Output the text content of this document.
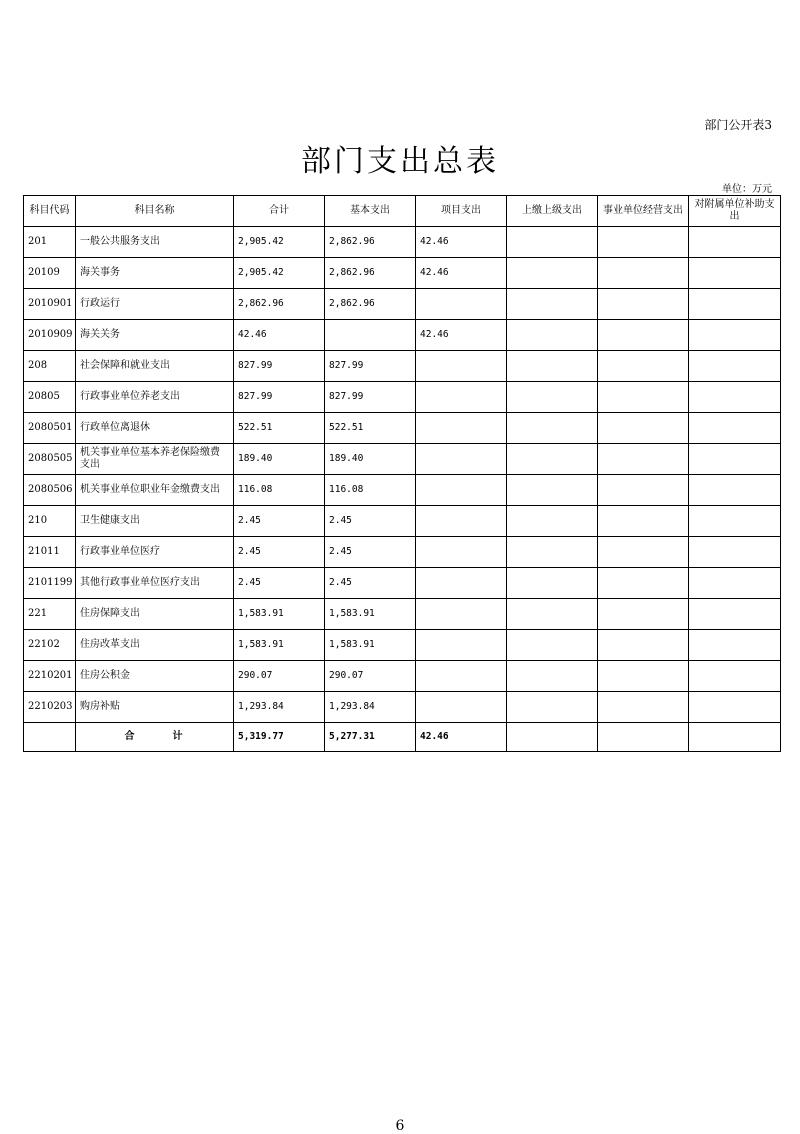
部门公开表3
部门支出总表
单位：万元
科目代码	科目名称	合计	基本支出	项目支出	上缴上级支出	事业单位经营支出	对附属单位补助支出
201	一般公共服务支出	2,905.42	2,862.96	42.46			
20109	海关事务	2,905.42	2,862.96	42.46			
2010901	行政运行	2,862.96	2,862.96				
2010909	海关关务	42.46		42.46			
208	社会保障和就业支出	827.99	827.99				
20805	行政事业单位养老支出	827.99	827.99				
2080501	行政单位离退休	522.51	522.51				
2080505	机关事业单位基本养老保险缴费支出	189.40	189.40				
2080506	机关事业单位职业年金缴费支出	116.08	116.08				
210	卫生健康支出	2.45	2.45				
21011	行政事业单位医疗	2.45	2.45				
2101199	其他行政事业单位医疗支出	2.45	2.45				
221	住房保障支出	1,583.91	1,583.91				
22102	住房改革支出	1,583.91	1,583.91				
2210201	住房公积金	290.07	290.07				
2210203	购房补贴	1,293.84	1,293.84				
	合　　　计	5,319.77	5,277.31	42.46			
6
